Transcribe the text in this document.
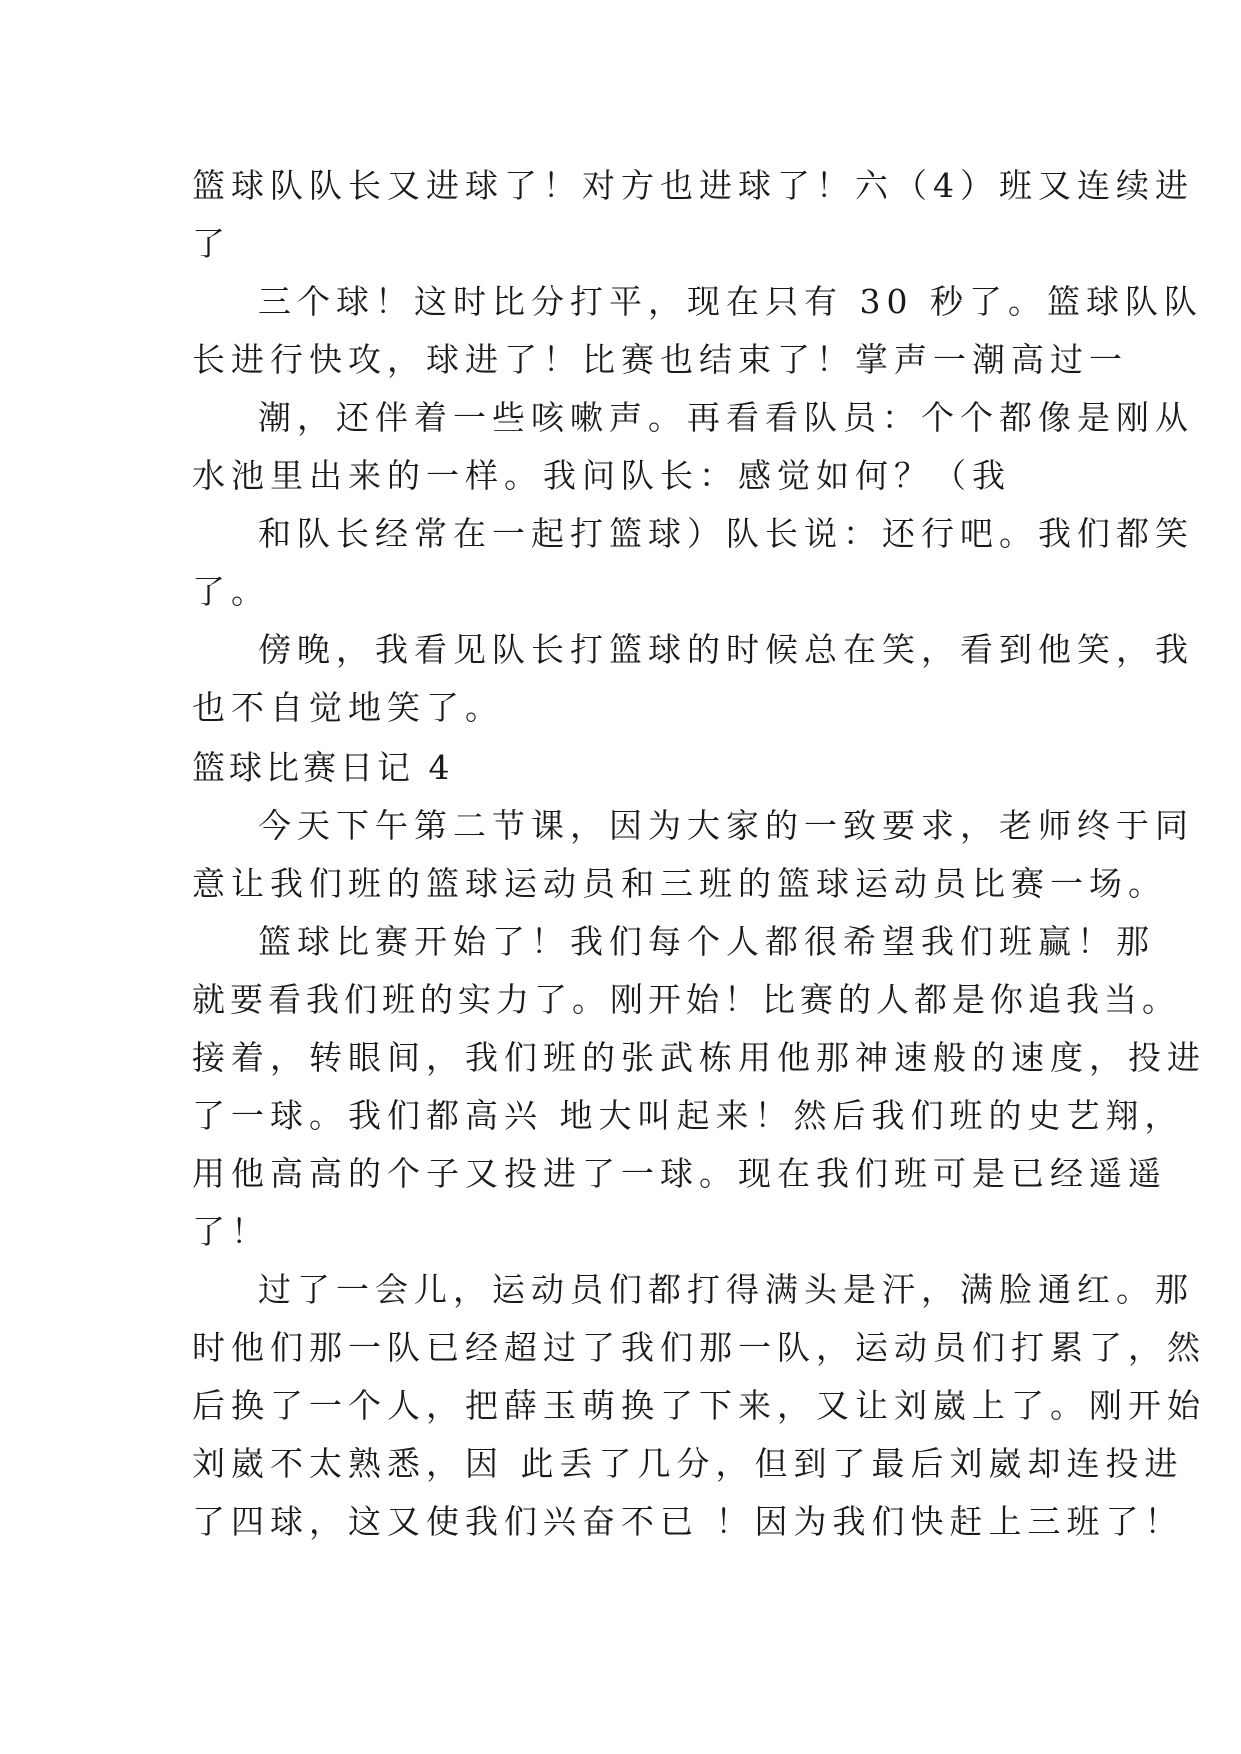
篮球队队长又进球了！对方也进球了！六（4）班又连续进
了
三个球！这时比分打平，现在只有 30 秒了。篮球队队
长进行快攻，球进了！比赛也结束了！掌声一潮高过一
潮，还伴着一些咳嗽声。再看看队员：个个都像是刚从
水池里出来的一样。我问队长：感觉如何？（我
和队长经常在一起打篮球）队长说：还行吧。我们都笑
了。
傍晚，我看见队长打篮球的时候总在笑，看到他笑，我
也不自觉地笑了。
篮球比赛日记 4
今天下午第二节课，因为大家的一致要求，老师终于同
意让我们班的篮球运动员和三班的篮球运动员比赛一场。
篮球比赛开始了！我们每个人都很希望我们班赢！那
就要看我们班的实力了。刚开始！比赛的人都是你追我当。
接着，转眼间，我们班的张武栋用他那神速般的速度，投进
了一球。我们都高兴 地大叫起来！然后我们班的史艺翔，
用他高高的个子又投进了一球。现在我们班可是已经遥遥
了！
过了一会儿，运动员们都打得满头是汗，满脸通红。那
时他们那一队已经超过了我们那一队，运动员们打累了，然
后换了一个人，把薛玉萌换了下来，又让刘崴上了。刚开始
刘崴不太熟悉，因 此丢了几分，但到了最后刘崴却连投进
了四球，这又使我们兴奋不已 ！因为我们快赶上三班了！
